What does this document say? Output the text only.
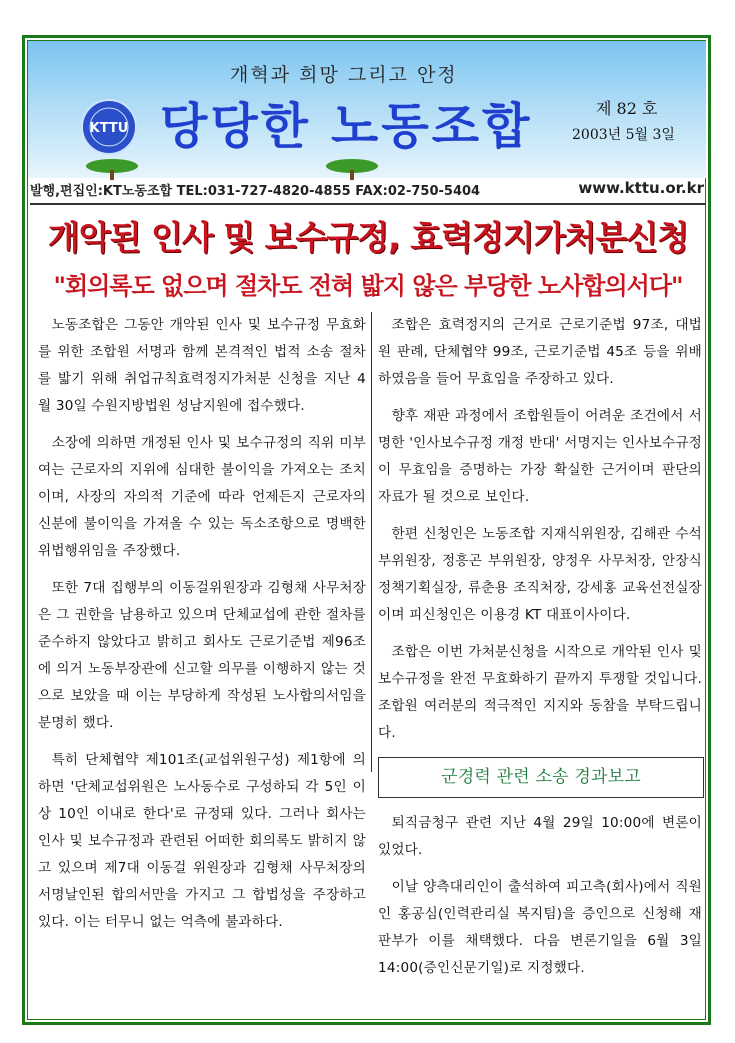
개혁과 희망 그리고 안정
KTTU 당당한 노동조합	제 82 호
2003년 5월 3일
발행,편집인:KT노동조합 TEL:031-727-4820-4855 FAX:02-750-5404	www.kttu.or.kr
개악된 인사 및 보수규정, 효력정지가처분신청
"회의록도 없으며 절차도 전혀 밟지 않은 부당한 노사합의서다"

노동조합은 그동안 개악된 인사 및 보수규정 무효화를 위한 조합원 서명과 함께 본격적인 법적 소송 절차를 밟기 위해 취업규칙효력정지가처분 신청을 지난 4월 30일 수원지방법원 성남지원에 접수했다.

소장에 의하면 개정된 인사 및 보수규정의 직위 미부여는 근로자의 지위에 심대한 불이익을 가져오는 조치이며, 사장의 자의적 기준에 따라 언제든지 근로자의 신분에 불이익을 가져올 수 있는 독소조항으로 명백한 위법행위임을 주장했다.

또한 7대 집행부의 이동걸위원장과 김형채 사무처장은 그 권한을 남용하고 있으며 단체교섭에 관한 절차를 준수하지 않았다고 밝히고 회사도 근로기준법 제96조에 의거 노동부장관에 신고할 의무를 이행하지 않는 것으로 보았을 때 이는 부당하게 작성된 노사합의서임을 분명히 했다.

특히 단체협약 제101조(교섭위원구성) 제1항에 의하면 '단체교섭위원은 노사동수로 구성하되 각 5인 이상 10인 이내로 한다'로 규정돼 있다. 그러나 회사는 인사 및 보수규정과 관련된 어떠한 회의록도 밝히지 않고 있으며 제7대 이동걸 위원장과 김형채 사무처장의 서명날인된 합의서만을 가지고 그 합법성을 주장하고 있다. 이는 터무니 없는 억측에 불과하다.

조합은 효력정지의 근거로 근로기준법 97조, 대법원 판례, 단체협약 99조, 근로기준법 45조 등을 위배하였음을 들어 무효임을 주장하고 있다.

향후 재판 과정에서 조합원들이 어려운 조건에서 서명한 '인사보수규정 개정 반대' 서명지는 인사보수규정이 무효임을 증명하는 가장 확실한 근거이며 판단의 자료가 될 것으로 보인다.

한편 신청인은 노동조합 지재식위원장, 김해관 수석부위원장, 정흥곤 부위원장, 양정우 사무처장, 안장식 정책기획실장, 류춘용 조직처장, 강세홍 교육선전실장이며 피신청인은 이용경 KT 대표이사이다.

조합은 이번 가처분신청을 시작으로 개악된 인사 및 보수규정을 완전 무효화하기 끝까지 투쟁할 것입니다. 조합원 여러분의 적극적인 지지와 동참을 부탁드립니다.

군경력 관련 소송 경과보고

퇴직금청구 관련 지난 4월 29일 10:00에 변론이 있었다.

이날 양측대리인이 출석하여 피고측(회사)에서 직원인 홍공심(인력관리실 복지팀)을 증인으로 신청해 재판부가 이를 채택했다. 다음 변론기일을 6월 3일 14:00(증인신문기일)로 지정했다.
